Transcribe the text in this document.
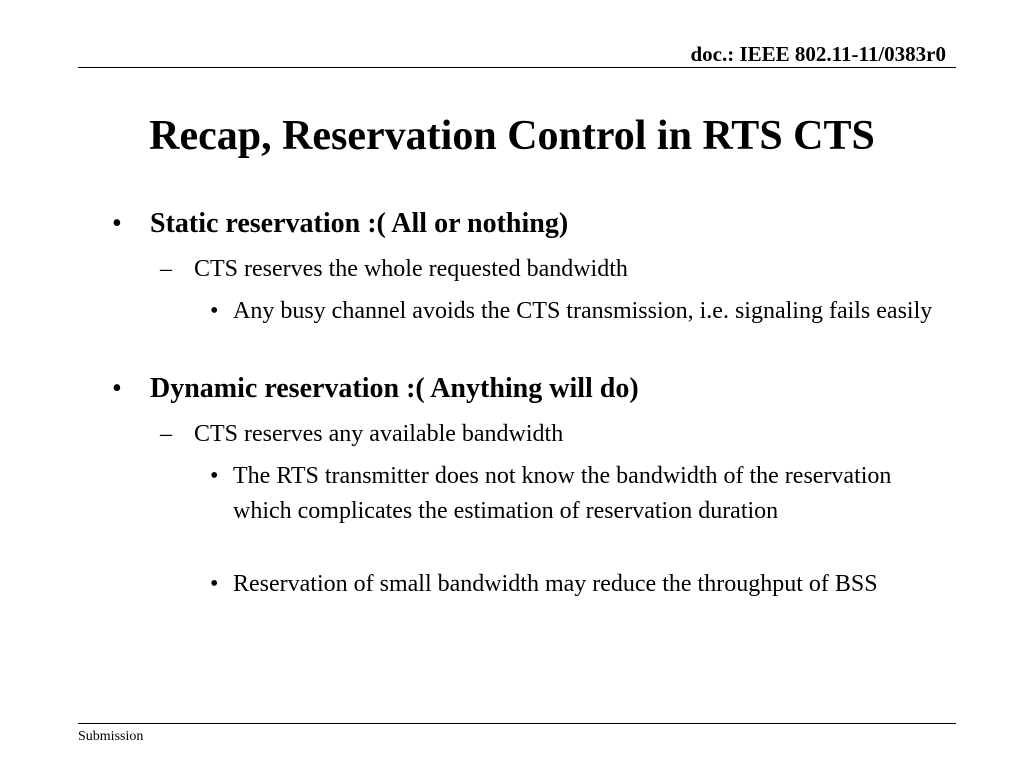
doc.: IEEE 802.11-11/0383r0
Recap, Reservation Control in RTS CTS
• Static reservation :( All or nothing)
– CTS reserves the whole requested bandwidth
• Any busy channel avoids the CTS transmission, i.e. signaling fails easily
• Dynamic reservation :( Anything will do)
– CTS reserves any available bandwidth
• The RTS transmitter does not know the bandwidth of the reservation which complicates the estimation of reservation duration
• Reservation of small bandwidth may reduce the throughput of BSS
Submission
